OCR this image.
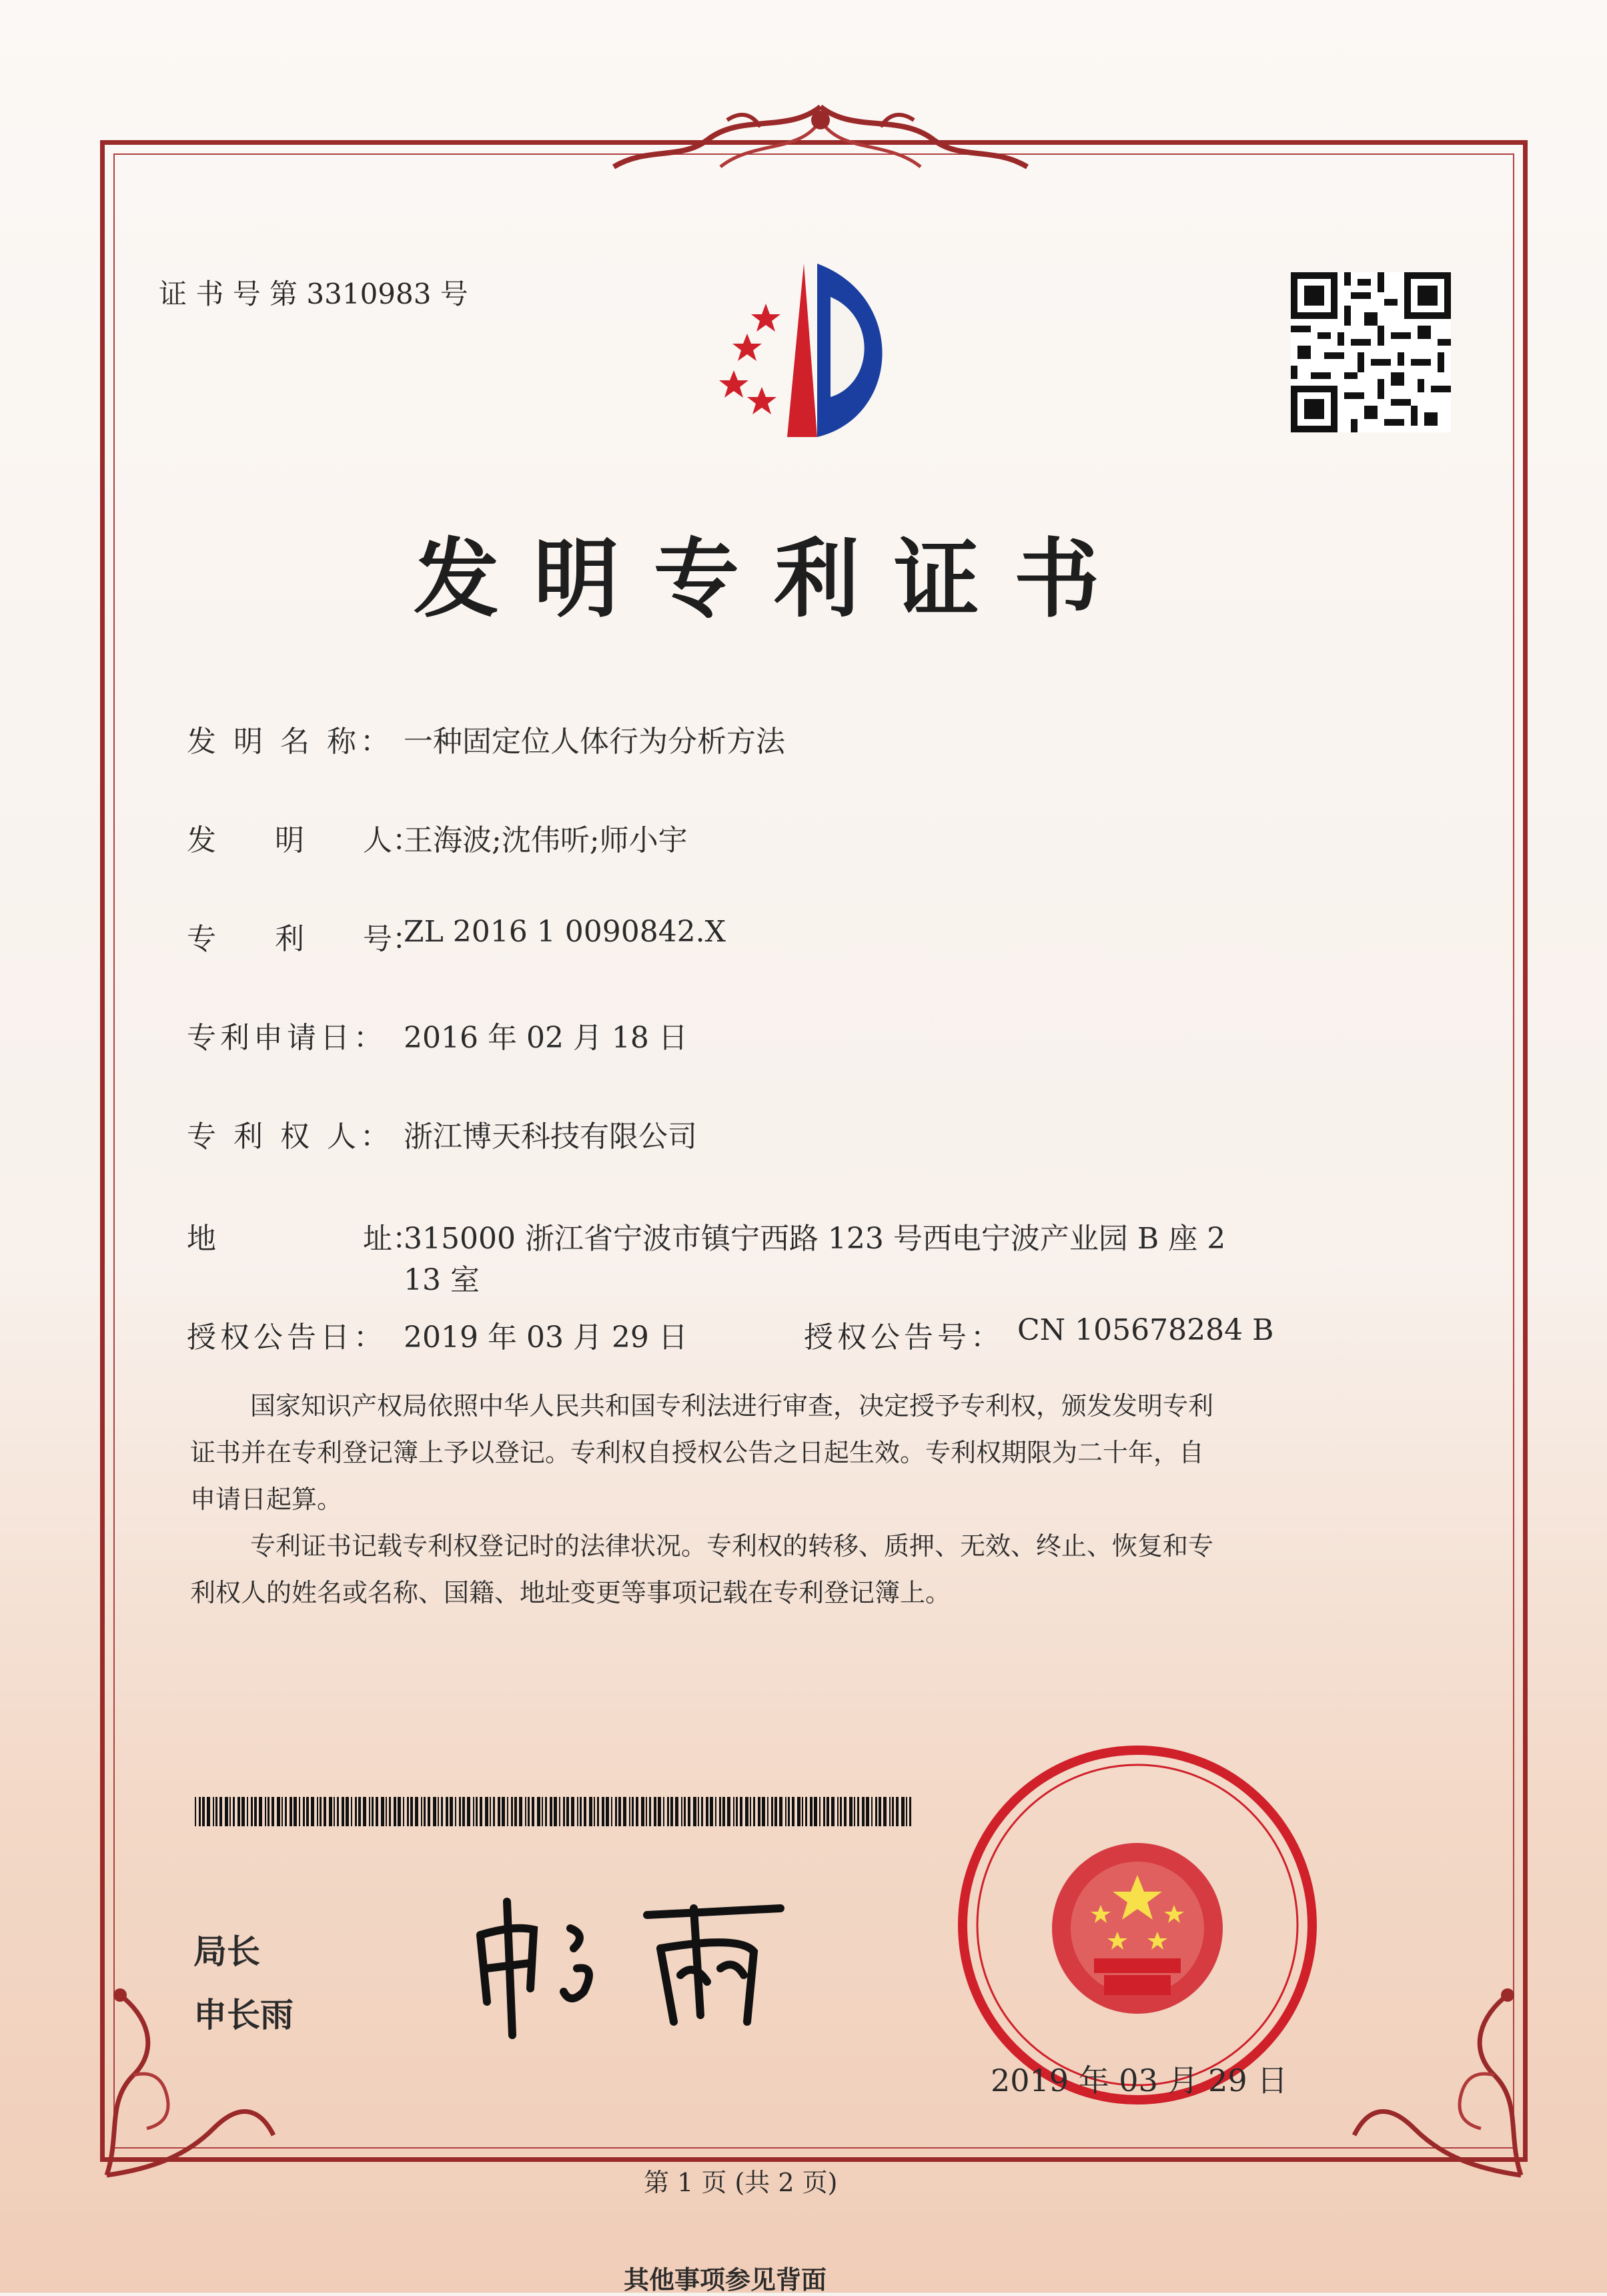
证 书 号 第 3310983 号
发明专利证书
发 明 名 称： 一种固定位人体行为分析方法
发　　明　　人：
王海波;沈伟听;师小宇
专　　利　　号：
ZL 2016 1 0090842.X
专利申请日： 2016 年 02 月 18 日
专 利 权 人： 浙江博天科技有限公司
地　　　　　址：
315000 浙江省宁波市镇宁西路 123 号西电宁波产业园 B 座 2
13 室
授权公告日： 2019 年 03 月 29 日	授权公告号： CN 105678284 B
国家知识产权局依照中华人民共和国专利法进行审查，决定授予专利权，颁发发明专利
证书并在专利登记簿上予以登记。专利权自授权公告之日起生效。专利权期限为二十年，自
申请日起算。
专利证书记载专利权登记时的法律状况。专利权的转移、质押、无效、终止、恢复和专
利权人的姓名或名称、国籍、地址变更等事项记载在专利登记簿上。
局长
申长雨
2019 年 03 月 29 日
第 1 页 (共 2 页)
其他事项参见背面
